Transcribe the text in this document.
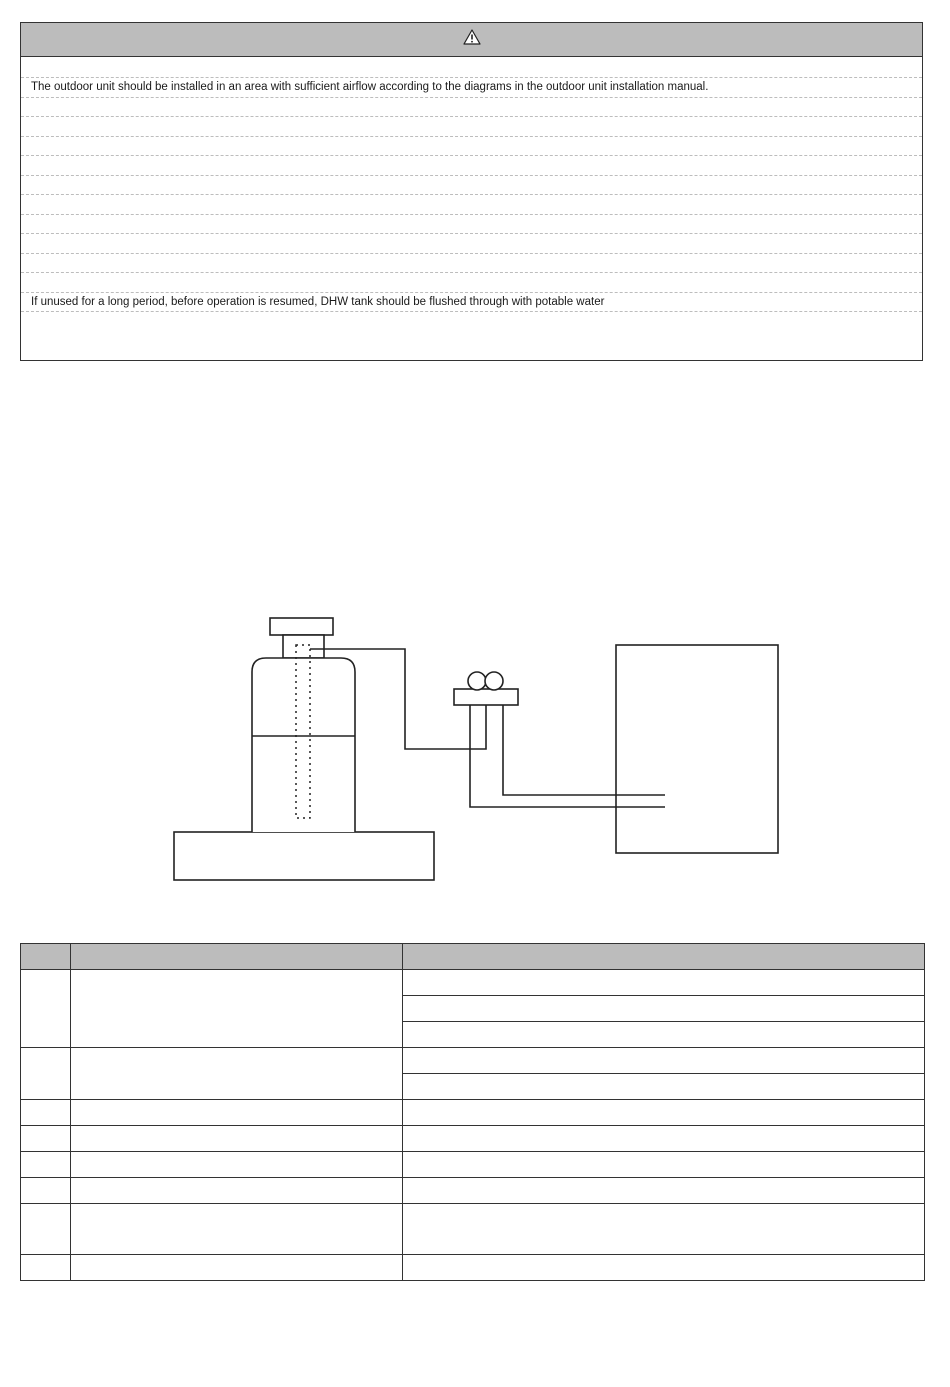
The outdoor unit should be installed in an area with sufficient airflow according to the diagrams in the outdoor unit installation manual.
If unused for a long period, before operation is resumed, DHW tank should be flushed through with potable water
